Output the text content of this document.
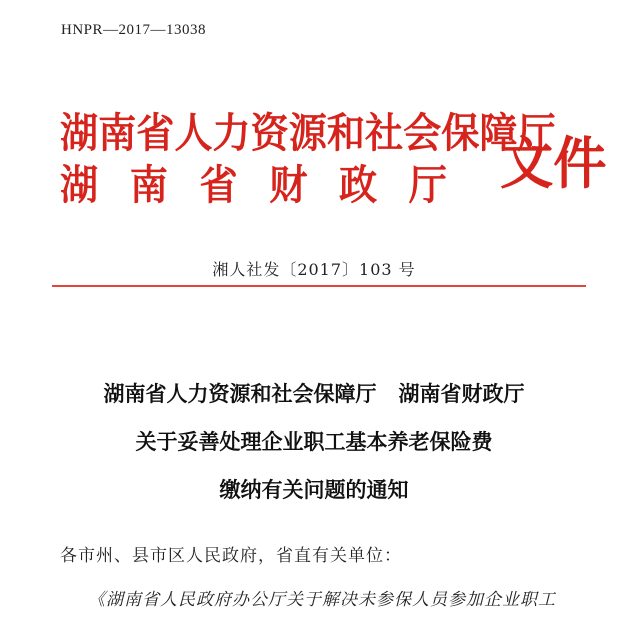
HNPR—2017—13038
湖南省人力资源和社会保障厅
湖南省财政厅 文件
湘人社发〔2017〕103 号
湖南省人力资源和社会保障厅 湖南省财政厅
关于妥善处理企业职工基本养老保险费
缴纳有关问题的通知
各市州、县市区人民政府，省直有关单位：
《湖南省人民政府办公厅关于解决未参保人员参加企业职工
